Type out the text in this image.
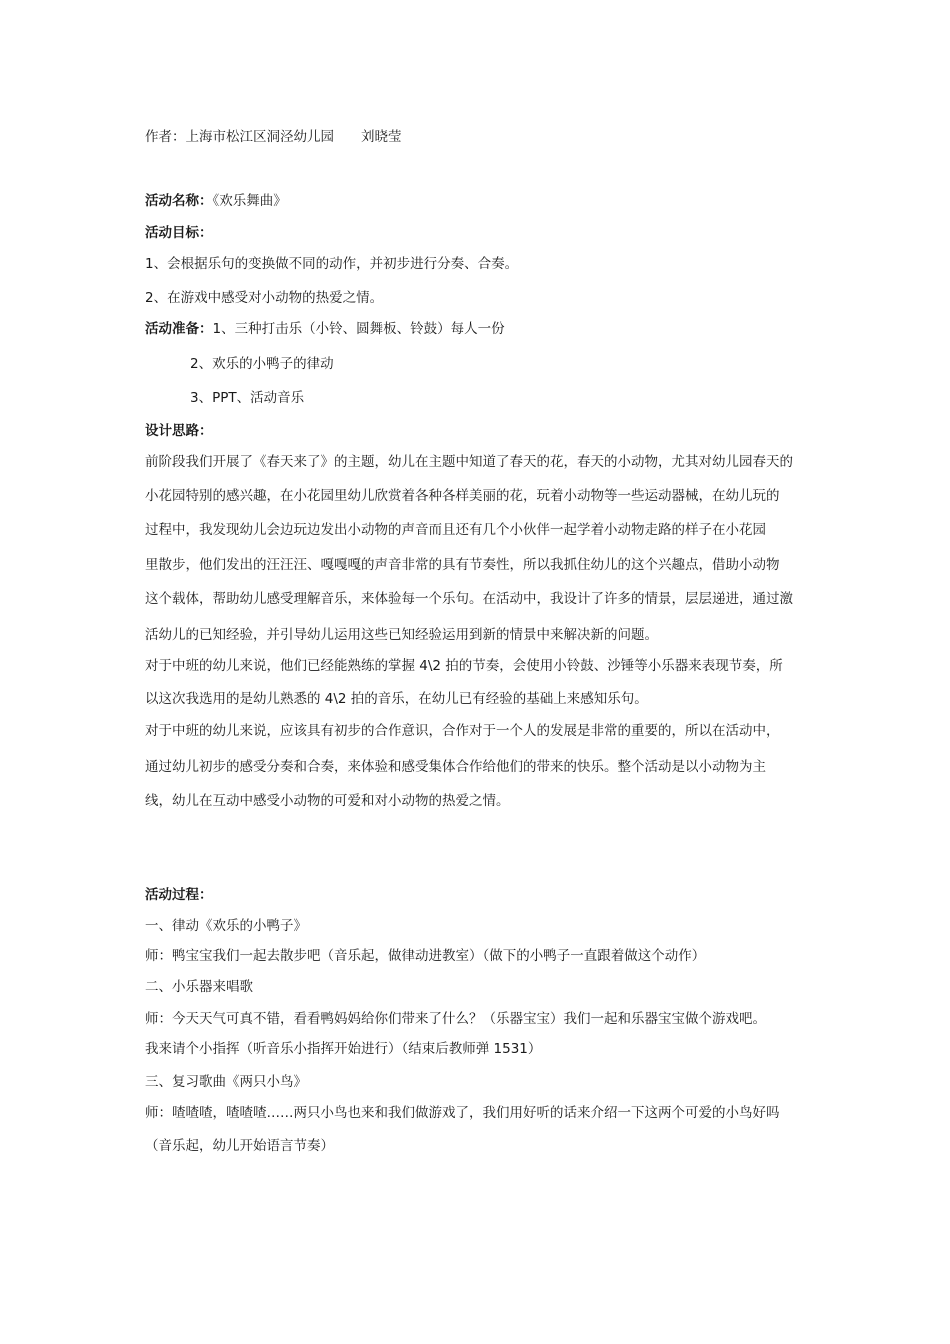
作者：上海市松江区洞泾幼儿园　　刘晓莹
活动名称：《欢乐舞曲》
活动目标：
1、会根据乐句的变换做不同的动作，并初步进行分奏、合奏。
2、在游戏中感受对小动物的热爱之情。
活动准备：1、三种打击乐（小铃、圆舞板、铃鼓）每人一份
2、欢乐的小鸭子的律动
3、PPT、活动音乐
设计思路：
前阶段我们开展了《春天来了》的主题，幼儿在主题中知道了春天的花，春天的小动物，尤其对幼儿园春天的
小花园特别的感兴趣，在小花园里幼儿欣赏着各种各样美丽的花，玩着小动物等一些运动器械，在幼儿玩的
过程中，我发现幼儿会边玩边发出小动物的声音而且还有几个小伙伴一起学着小动物走路的样子在小花园
里散步，他们发出的汪汪汪、嘎嘎嘎的声音非常的具有节奏性，所以我抓住幼儿的这个兴趣点，借助小动物
这个载体，帮助幼儿感受理解音乐，来体验每一个乐句。在活动中，我设计了许多的情景，层层递进，通过激
活幼儿的已知经验，并引导幼儿运用这些已知经验运用到新的情景中来解决新的问题。
对于中班的幼儿来说，他们已经能熟练的掌握 4\2 拍的节奏，会使用小铃鼓、沙锤等小乐器来表现节奏，所
以这次我选用的是幼儿熟悉的 4\2 拍的音乐，在幼儿已有经验的基础上来感知乐句。
对于中班的幼儿来说，应该具有初步的合作意识，合作对于一个人的发展是非常的重要的，所以在活动中，
通过幼儿初步的感受分奏和合奏，来体验和感受集体合作给他们的带来的快乐。整个活动是以小动物为主
线，幼儿在互动中感受小动物的可爱和对小动物的热爱之情。
活动过程：
一、律动《欢乐的小鸭子》
师：鸭宝宝我们一起去散步吧（音乐起，做律动进教室）（做下的小鸭子一直跟着做这个动作）
二、小乐器来唱歌
师：今天天气可真不错，看看鸭妈妈给你们带来了什么？（乐器宝宝）我们一起和乐器宝宝做个游戏吧。
我来请个小指挥（听音乐小指挥开始进行）（结束后教师弹 1531）
三、复习歌曲《两只小鸟》
师：喳喳喳，喳喳喳……两只小鸟也来和我们做游戏了，我们用好听的话来介绍一下这两个可爱的小鸟好吗
（音乐起，幼儿开始语言节奏）
